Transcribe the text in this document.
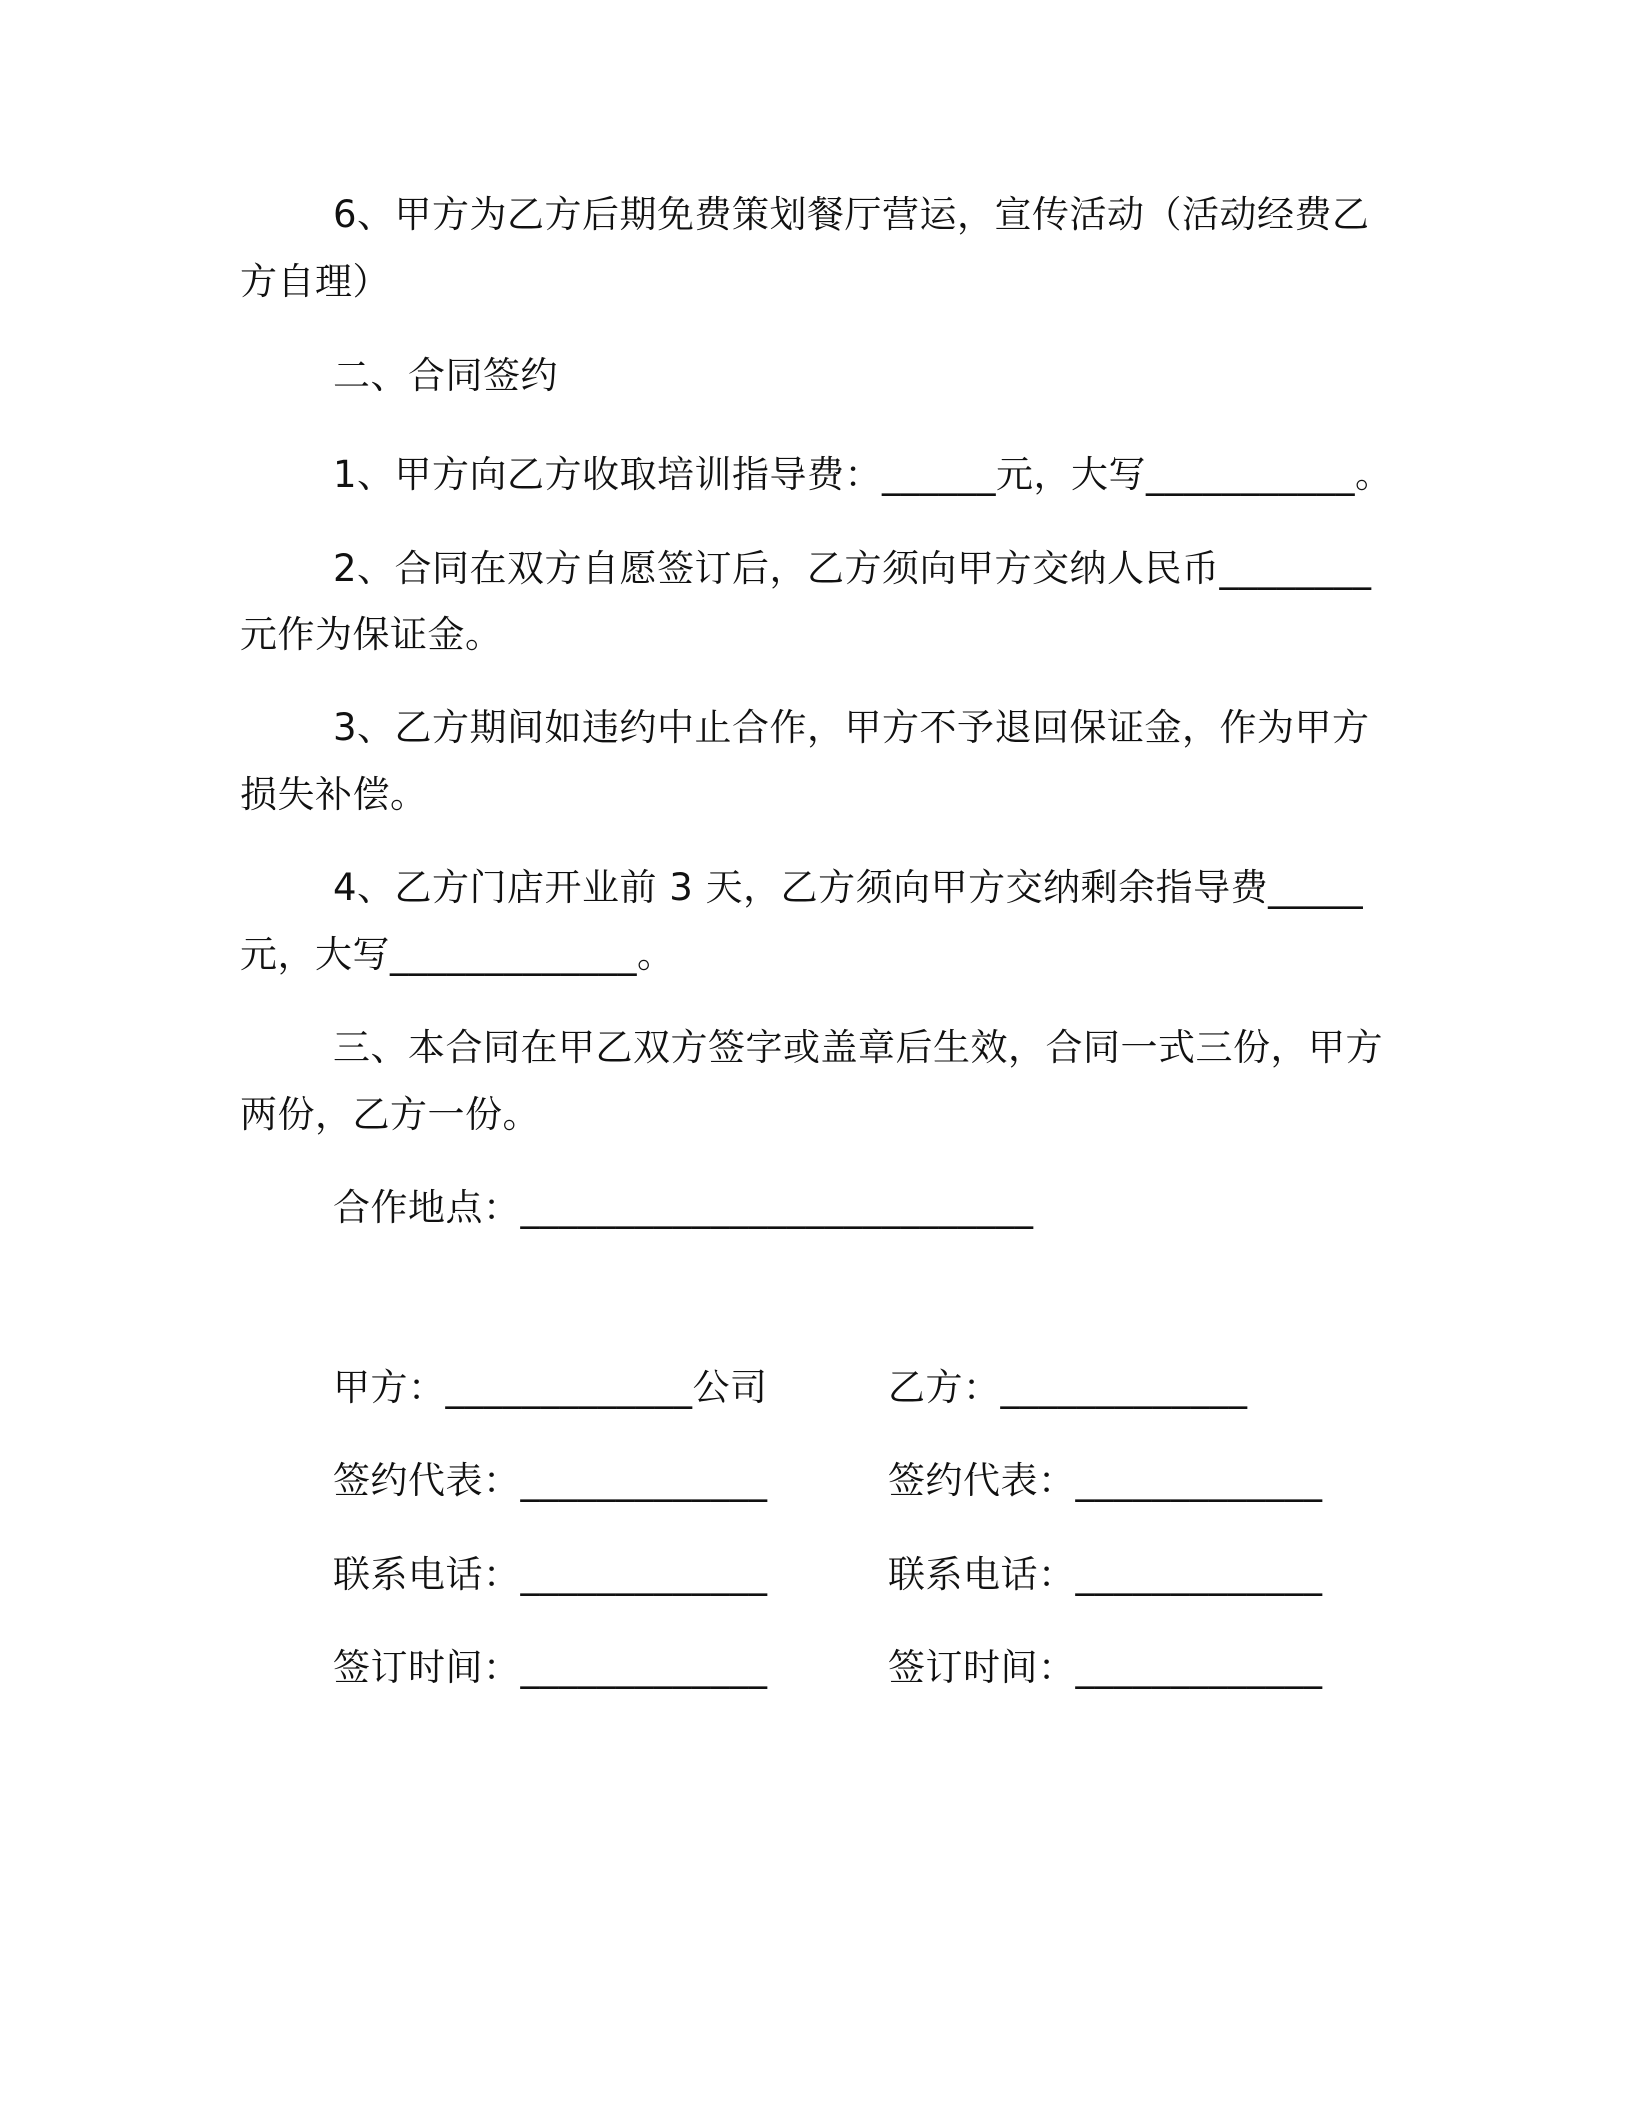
6、甲方为乙方后期免费策划餐厅营运，宣传活动（活动经费乙
方自理）
二、合同签约
1、甲方向乙方收取培训指导费：______元，大写___________。
2、合同在双方自愿签订后，乙方须向甲方交纳人民币________
元作为保证金。
3、乙方期间如违约中止合作，甲方不予退回保证金，作为甲方
损失补偿。
4、乙方门店开业前 3 天，乙方须向甲方交纳剩余指导费_____
元，大写_____________。
三、本合同在甲乙双方签字或盖章后生效，合同一式三份，甲方
两份，乙方一份。
合作地点：___________________________
甲方：_____________公司
签约代表：_____________
联系电话：_____________
签订时间：_____________
乙方：_____________
签约代表：_____________
联系电话：_____________
签订时间：_____________
